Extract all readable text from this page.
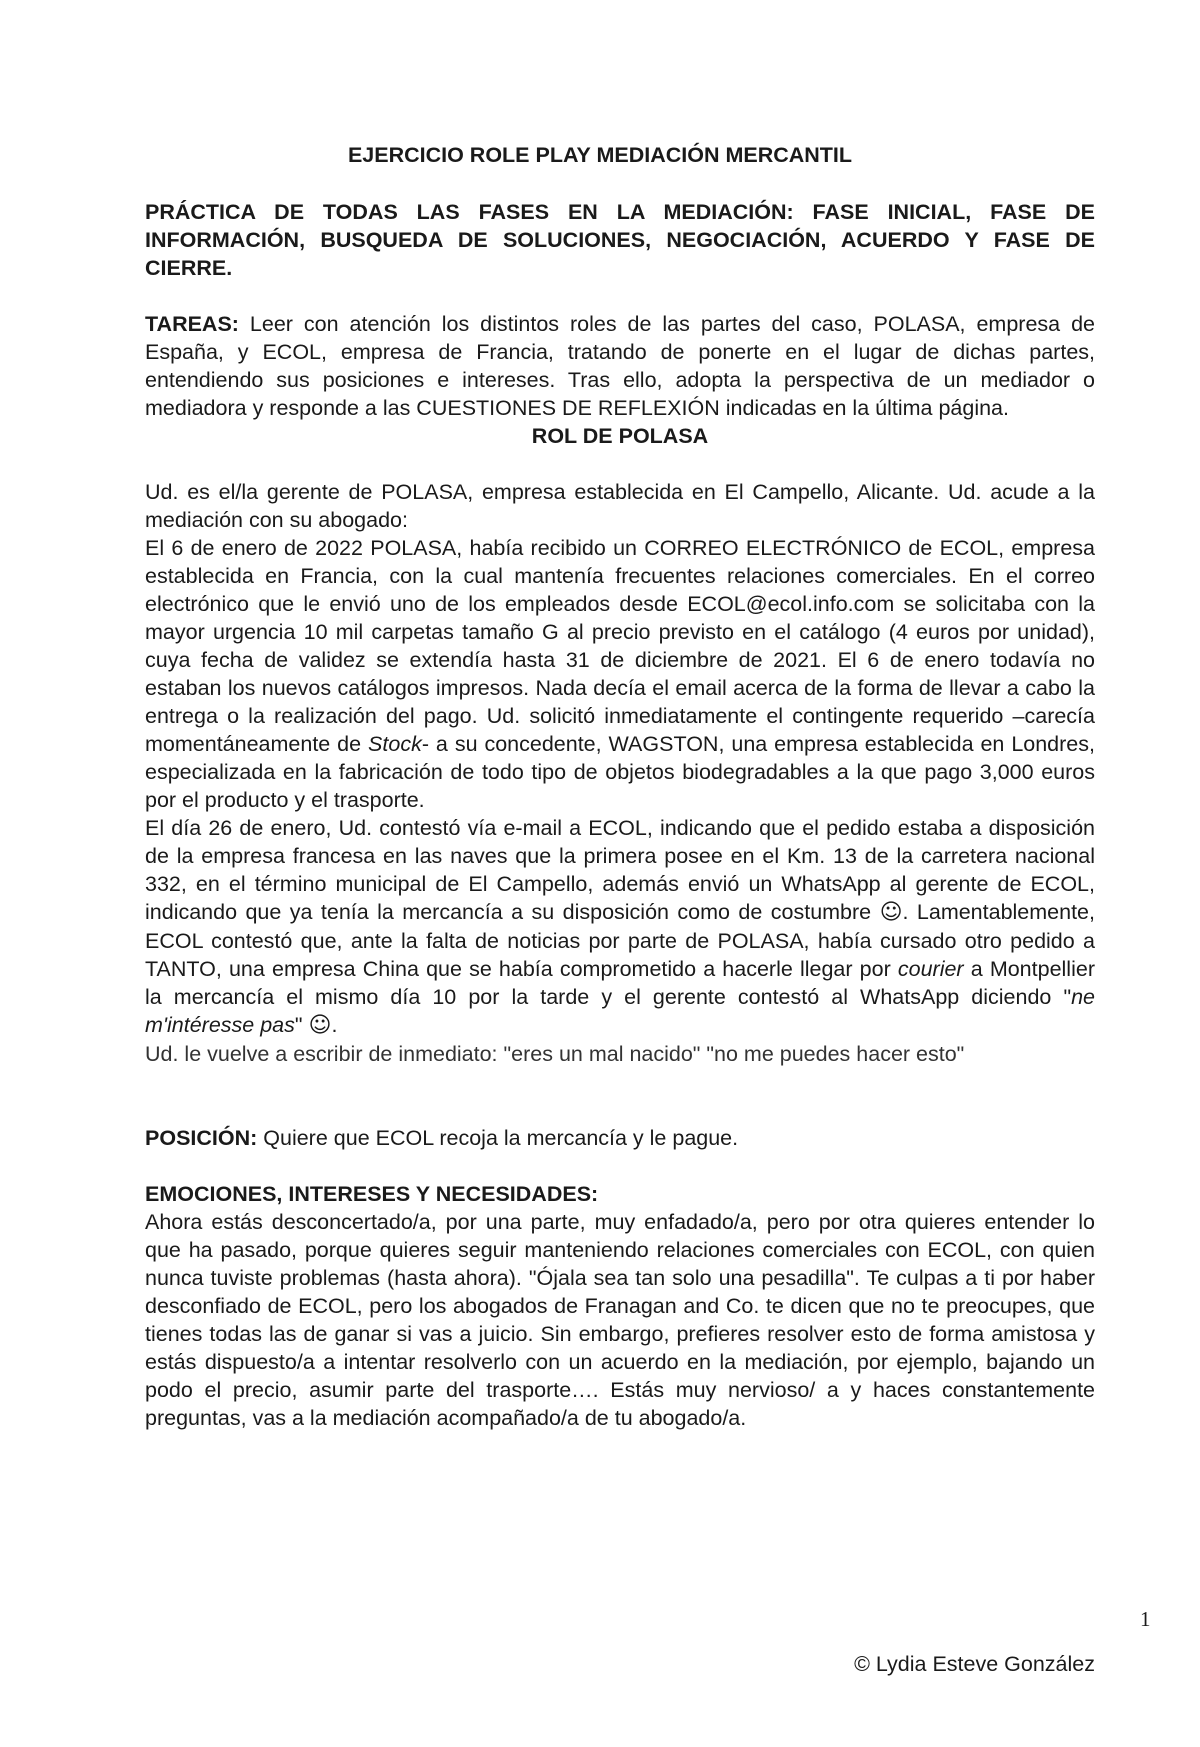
EJERCICIO ROLE PLAY MEDIACIÓN MERCANTIL

PRÁCTICA DE TODAS LAS FASES EN LA MEDIACIÓN: FASE INICIAL, FASE DE INFORMACIÓN, BUSQUEDA DE SOLUCIONES, NEGOCIACIÓN, ACUERDO Y FASE DE CIERRE.

TAREAS: Leer con atención los distintos roles de las partes del caso, POLASA, empresa de España, y ECOL, empresa de Francia, tratando de ponerte en el lugar de dichas partes, entendiendo sus posiciones e intereses. Tras ello, adopta la perspectiva de un mediador o mediadora y responde a las CUESTIONES DE REFLEXIÓN indicadas en la última página.

ROL DE POLASA

Ud. es el/la gerente de POLASA, empresa establecida en El Campello, Alicante. Ud. acude a la mediación con su abogado:

El 6 de enero de 2022 POLASA, había recibido un CORREO ELECTRÓNICO de ECOL, empresa establecida en Francia, con la cual mantenía frecuentes relaciones comerciales. En el correo electrónico que le envió uno de los empleados desde ECOL@ecol.info.com se solicitaba con la mayor urgencia 10 mil carpetas tamaño G al precio previsto en el catálogo (4 euros por unidad), cuya fecha de validez se extendía hasta 31 de diciembre de 2021. El 6 de enero todavía no estaban los nuevos catálogos impresos. Nada decía el email acerca de la forma de llevar a cabo la entrega o la realización del pago. Ud. solicitó inmediatamente el contingente requerido –carecía momentáneamente de Stock- a su concedente, WAGSTON, una empresa establecida en Londres, especializada en la fabricación de todo tipo de objetos biodegradables a la que pago 3,000 euros por el producto y el trasporte.

El día 26 de enero, Ud. contestó vía e-mail a ECOL, indicando que el pedido estaba a disposición de la empresa francesa en las naves que la primera posee en el Km. 13 de la carretera nacional 332, en el término municipal de El Campello, además envió un WhatsApp al gerente de ECOL, indicando que ya tenía la mercancía a su disposición como de costumbre ☺. Lamentablemente, ECOL contestó que, ante la falta de noticias por parte de POLASA, había cursado otro pedido a TANTO, una empresa China que se había comprometido a hacerle llegar por courier a Montpellier la mercancía el mismo día 10 por la tarde y el gerente contestó al WhatsApp diciendo "ne m'intéresse pas" ☺.

Ud. le vuelve a escribir de inmediato: "eres un mal nacido" "no me puedes hacer esto"

POSICIÓN: Quiere que ECOL recoja la mercancía y le pague.

EMOCIONES, INTERESES Y NECESIDADES:

Ahora estás desconcertado/a, por una parte, muy enfadado/a, pero por otra quieres entender lo que ha pasado, porque quieres seguir manteniendo relaciones comerciales con ECOL, con quien nunca tuviste problemas (hasta ahora). "Ójala sea tan solo una pesadilla". Te culpas a ti por haber desconfiado de ECOL, pero los abogados de Franagan and Co. te dicen que no te preocupes, que tienes todas las de ganar si vas a juicio. Sin embargo, prefieres resolver esto de forma amistosa y estás dispuesto/a a intentar resolverlo con un acuerdo en la mediación, por ejemplo, bajando un podo el precio, asumir parte del trasporte…. Estás muy nervioso/ a y haces constantemente preguntas, vas a la mediación acompañado/a de tu abogado/a.

1
© Lydia Esteve González
